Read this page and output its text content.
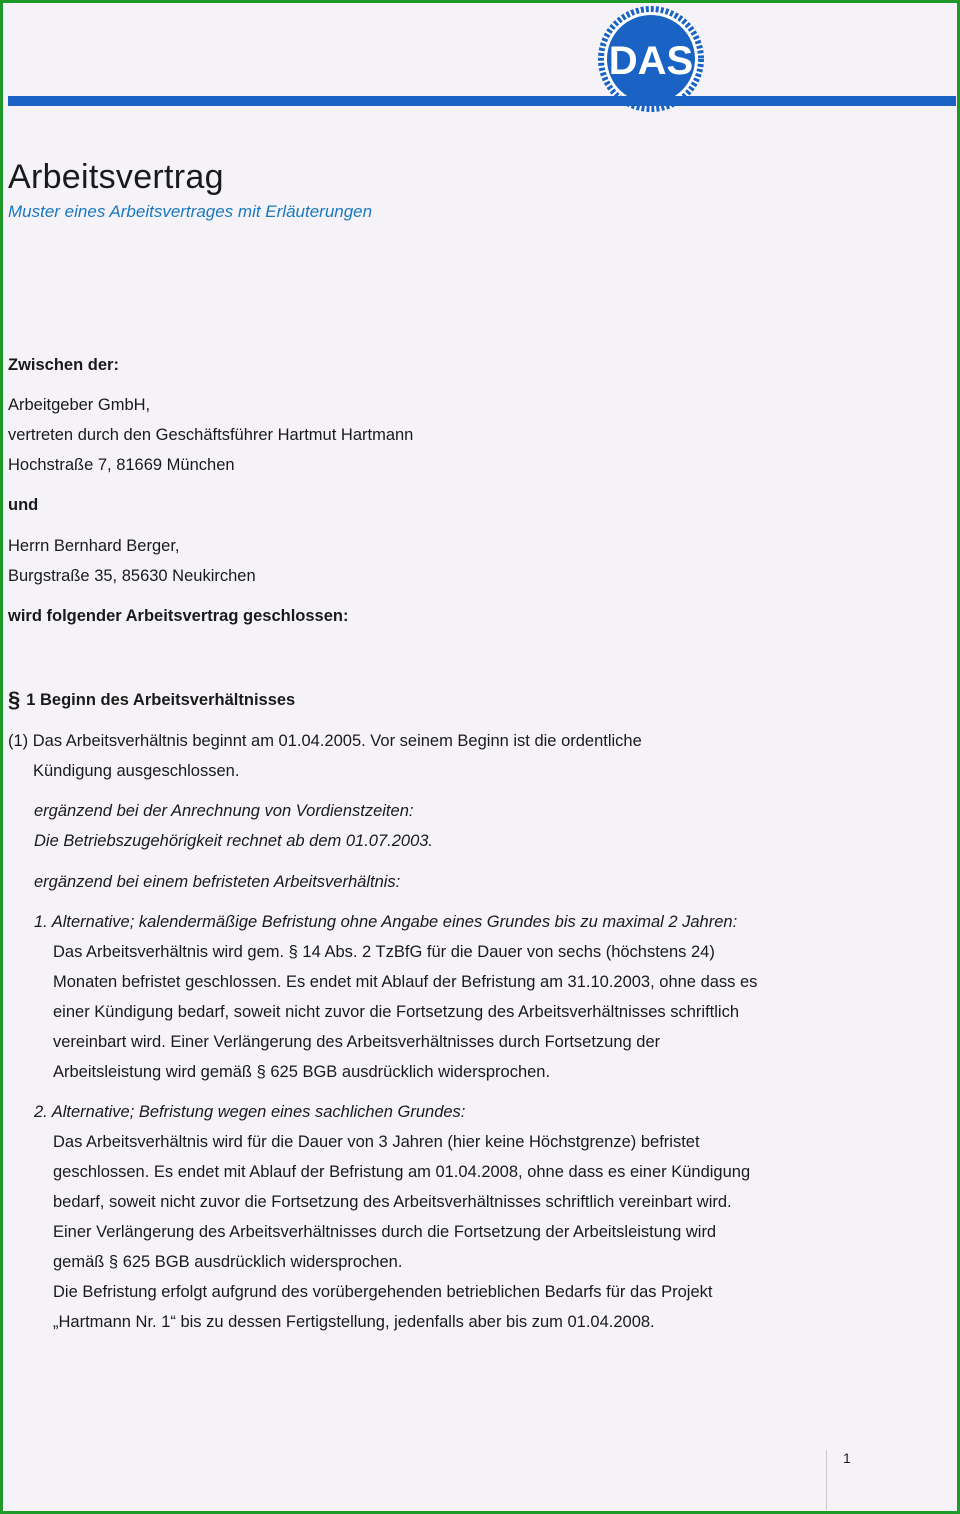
DAS
Arbeitsvertrag
Muster eines Arbeitsvertrages mit Erläuterungen
Zwischen der:
Arbeitgeber GmbH,
vertreten durch den Geschäftsführer Hartmut Hartmann
Hochstraße 7, 81669 München
und
Herrn Bernhard Berger,
Burgstraße 35, 85630 Neukirchen
wird folgender Arbeitsvertrag geschlossen:
§ 1 Beginn des Arbeitsverhältnisses
(1) Das Arbeitsverhältnis beginnt am 01.04.2005. Vor seinem Beginn ist die ordentliche
Kündigung ausgeschlossen.
ergänzend bei der Anrechnung von Vordienstzeiten:
Die Betriebszugehörigkeit rechnet ab dem 01.07.2003.
ergänzend bei einem befristeten Arbeitsverhältnis:
1. Alternative; kalendermäßige Befristung ohne Angabe eines Grundes bis zu maximal 2 Jahren:
Das Arbeitsverhältnis wird gem. § 14 Abs. 2 TzBfG für die Dauer von sechs (höchstens 24)
Monaten befristet geschlossen. Es endet mit Ablauf der Befristung am 31.10.2003, ohne dass es
einer Kündigung bedarf, soweit nicht zuvor die Fortsetzung des Arbeitsverhältnisses schriftlich
vereinbart wird. Einer Verlängerung des Arbeitsverhältnisses durch Fortsetzung der
Arbeitsleistung wird gemäß § 625 BGB ausdrücklich widersprochen.
2. Alternative; Befristung wegen eines sachlichen Grundes:
Das Arbeitsverhältnis wird für die Dauer von 3 Jahren (hier keine Höchstgrenze) befristet
geschlossen. Es endet mit Ablauf der Befristung am 01.04.2008, ohne dass es einer Kündigung
bedarf, soweit nicht zuvor die Fortsetzung des Arbeitsverhältnisses schriftlich vereinbart wird.
Einer Verlängerung des Arbeitsverhältnisses durch die Fortsetzung der Arbeitsleistung wird
gemäß § 625 BGB ausdrücklich widersprochen.
Die Befristung erfolgt aufgrund des vorübergehenden betrieblichen Bedarfs für das Projekt
„Hartmann Nr. 1“ bis zu dessen Fertigstellung, jedenfalls aber bis zum 01.04.2008.
1
